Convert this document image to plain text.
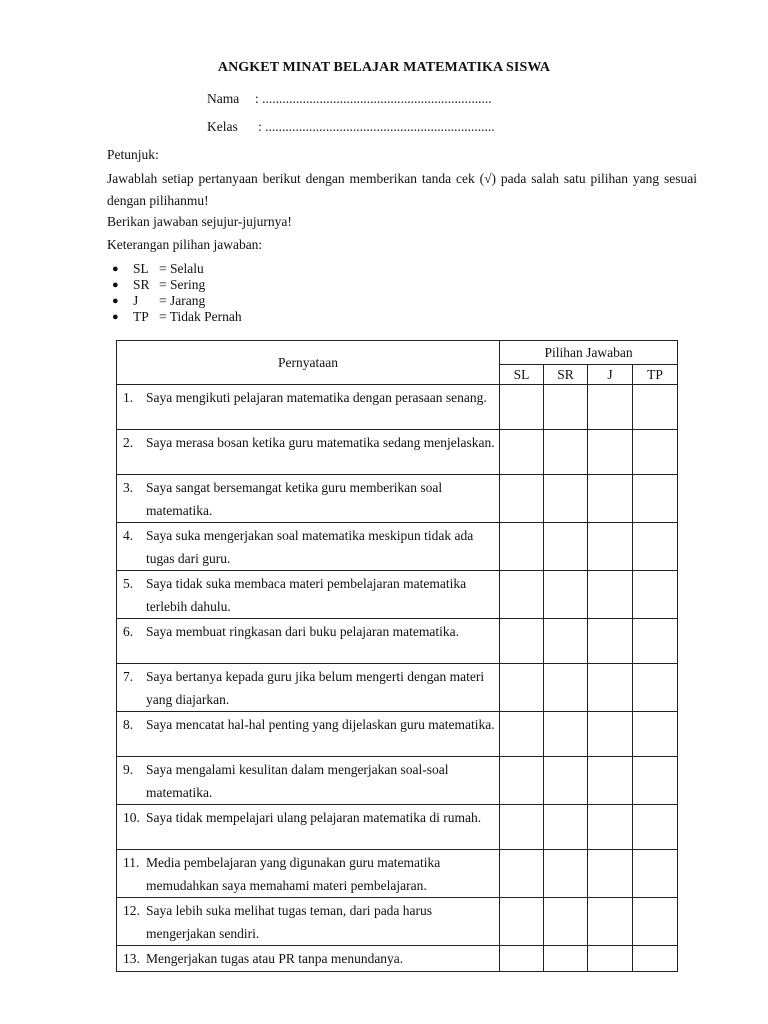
ANGKET MINAT BELAJAR MATEMATIKA SISWA
Nama : ....................................................................
Kelas : ....................................................................
Petunjuk:
Jawablah setiap pertanyaan berikut dengan memberikan tanda cek (√) pada salah satu pilihan yang sesuai dengan pilihanmu!
Berikan jawaban sejujur-jujurnya!
Keterangan pilihan jawaban:
●	SL = Selalu
●	SR = Sering
●	J	= Jarang
●	TP = Tidak Pernah
Pernyataan	Pilihan Jawaban			
	SL	SR	J	TP

1. Saya mengikuti pelajaran matematika dengan perasaan senang.				

2. Saya merasa bosan ketika guru matematika sedang menjelaskan.				

3. Saya sangat bersemangat ketika guru memberikan soal matematika.				

4. Saya suka mengerjakan soal matematika meskipun tidak ada tugas dari guru.				

5. Saya tidak suka membaca materi pembelajaran matematika terlebih dahulu.				

6. Saya membuat ringkasan dari buku pelajaran matematika.				

7. Saya bertanya kepada guru jika belum mengerti dengan materi yang diajarkan.				

8. Saya mencatat hal-hal penting yang dijelaskan guru matematika.				

9. Saya mengalami kesulitan dalam mengerjakan soal-soal matematika.				

10. Saya tidak mempelajari ulang pelajaran matematika di rumah.				

11. Media pembelajaran yang digunakan guru matematika memudahkan saya memahami materi pembelajaran.				

12. Saya lebih suka melihat tugas teman, dari pada harus mengerjakan sendiri.				

13. Mengerjakan tugas atau PR tanpa menundanya.				
